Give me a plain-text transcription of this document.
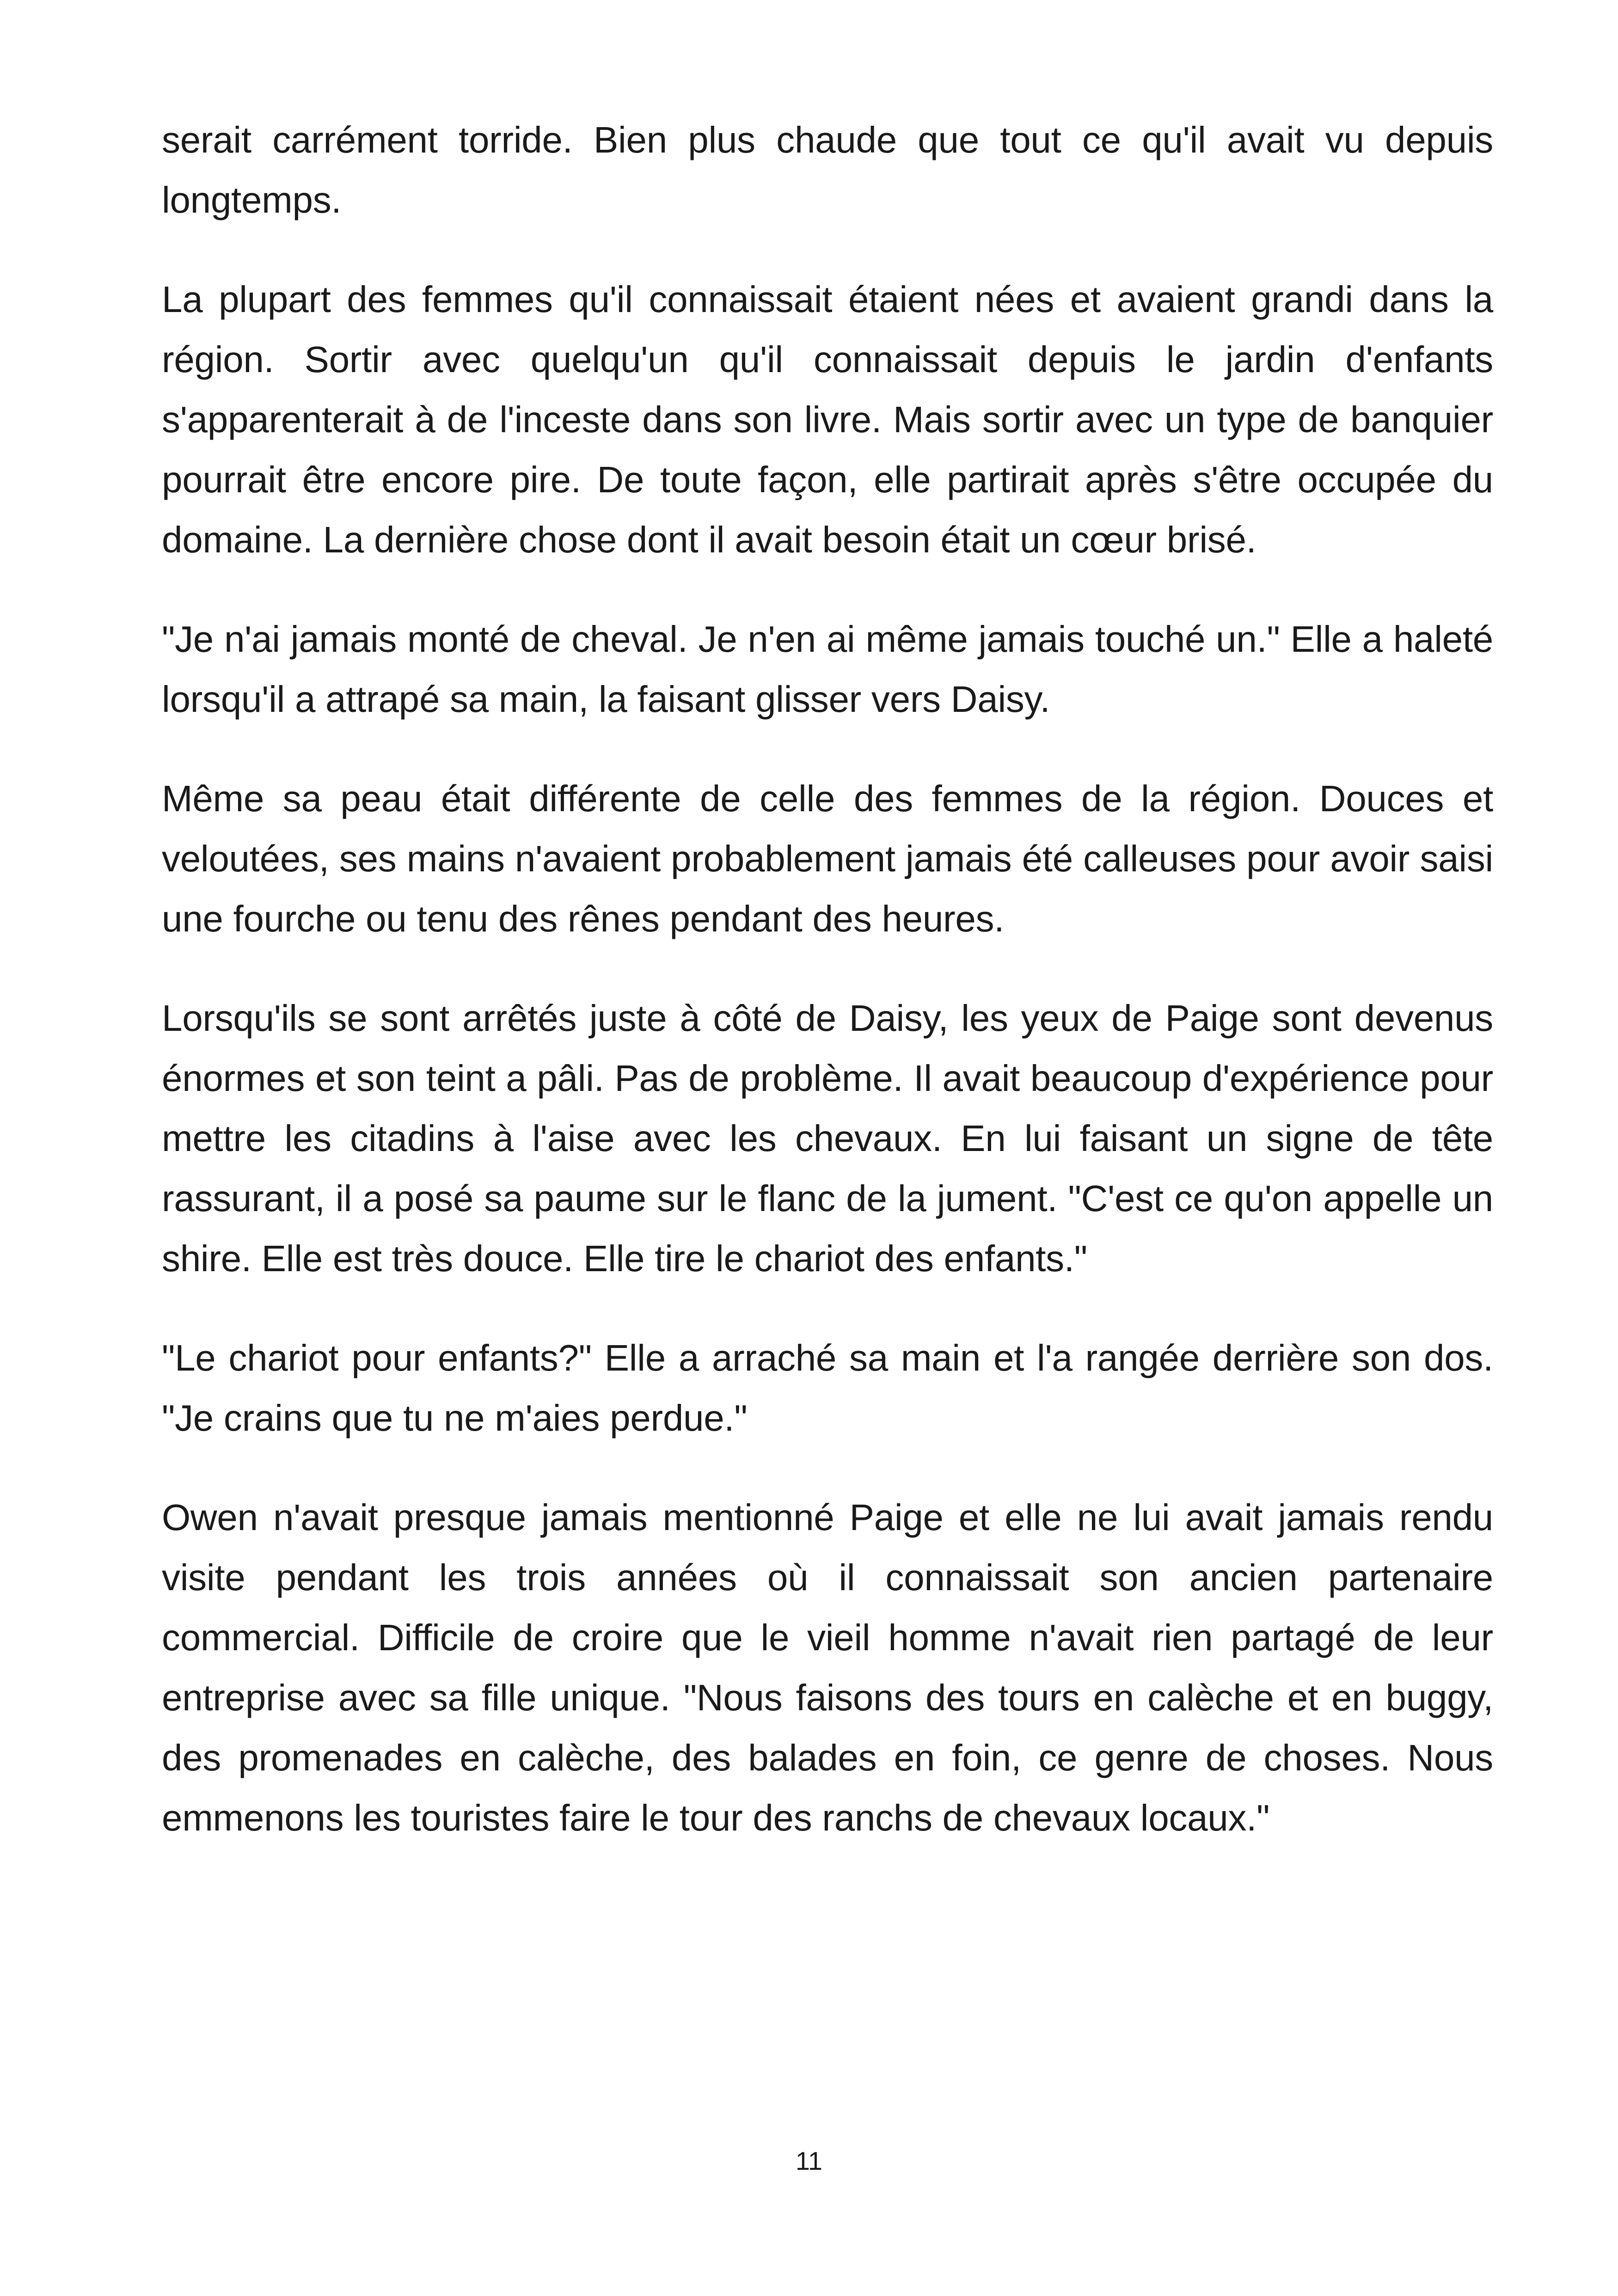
serait carrément torride. Bien plus chaude que tout ce qu'il avait vu depuis longtemps.

La plupart des femmes qu'il connaissait étaient nées et avaient grandi dans la région. Sortir avec quelqu'un qu'il connaissait depuis le jardin d'enfants s'apparenterait à de l'inceste dans son livre. Mais sortir avec un type de banquier pourrait être encore pire. De toute façon, elle partirait après s'être occupée du domaine. La dernière chose dont il avait besoin était un cœur brisé.

"Je n'ai jamais monté de cheval. Je n'en ai même jamais touché un." Elle a haleté lorsqu'il a attrapé sa main, la faisant glisser vers Daisy.

Même sa peau était différente de celle des femmes de la région. Douces et veloutées, ses mains n'avaient probablement jamais été calleuses pour avoir saisi une fourche ou tenu des rênes pendant des heures.

Lorsqu'ils se sont arrêtés juste à côté de Daisy, les yeux de Paige sont devenus énormes et son teint a pâli. Pas de problème. Il avait beaucoup d'expérience pour mettre les citadins à l'aise avec les chevaux. En lui faisant un signe de tête rassurant, il a posé sa paume sur le flanc de la jument. "C'est ce qu'on appelle un shire. Elle est très douce. Elle tire le chariot des enfants."

"Le chariot pour enfants?" Elle a arraché sa main et l'a rangée derrière son dos. "Je crains que tu ne m'aies perdue."

Owen n'avait presque jamais mentionné Paige et elle ne lui avait jamais rendu visite pendant les trois années où il connaissait son ancien partenaire commercial. Difficile de croire que le vieil homme n'avait rien partagé de leur entreprise avec sa fille unique. "Nous faisons des tours en calèche et en buggy, des promenades en calèche, des balades en foin, ce genre de choses. Nous emmenons les touristes faire le tour des ranchs de chevaux locaux."

11
